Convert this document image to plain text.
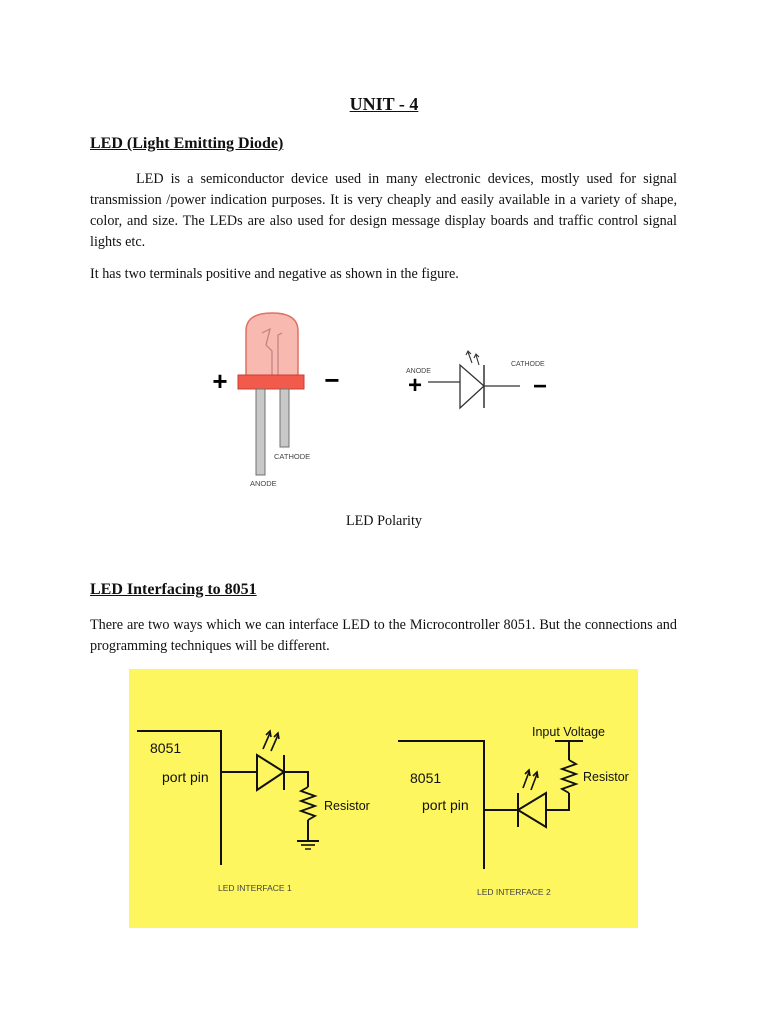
UNIT - 4
LED (Light Emitting Diode)
LED is a semiconductor device used in many electronic devices, mostly used for signal transmission /power indication purposes. It is very cheaply and easily available in a variety of shape, color, and size. The LEDs are also used for design message display boards and traffic control signal lights etc.
It has two terminals positive and negative as shown in the figure.
+	−
CATHODE
ANODE
ANODE
CATHODE
+	−
LED Polarity
LED Interfacing to 8051
There are two ways which we can interface LED to the Microcontroller 8051. But the connections and programming techniques will be different.
8051
port pin
Resistor
LED INTERFACE 1
Input Voltage
Resistor
8051
port pin
LED INTERFACE 2
